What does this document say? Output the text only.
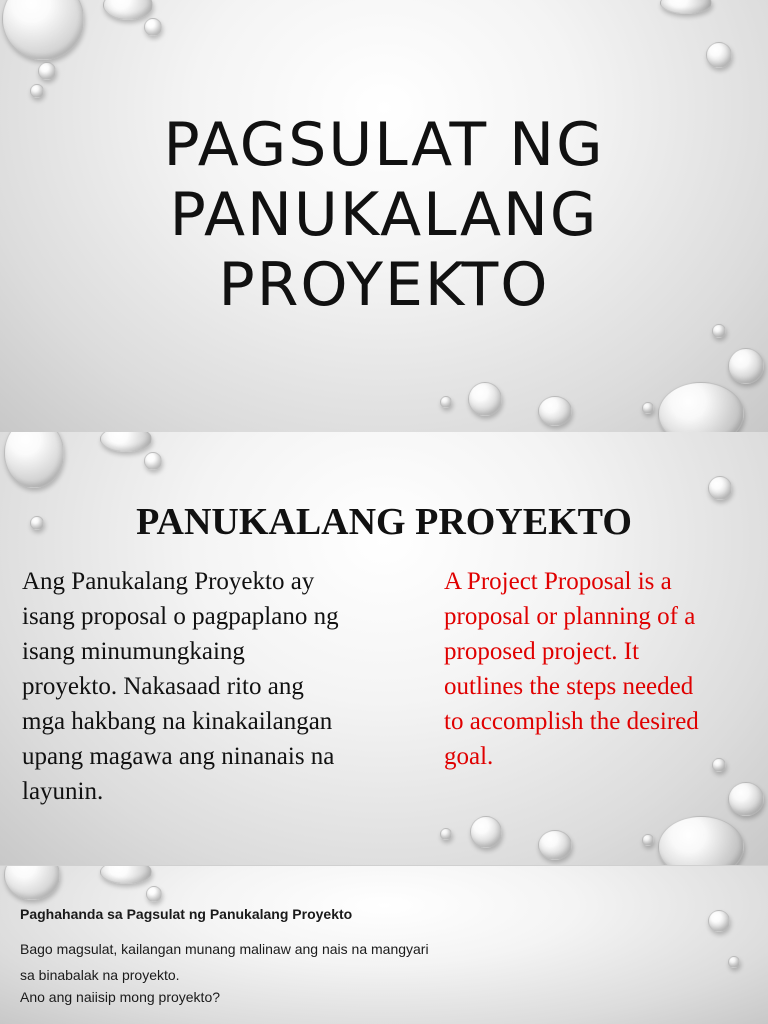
PAGSULAT NG
PANUKALANG
PROYEKTO
PANUKALANG PROYEKTO
Ang Panukalang Proyekto ay
isang proposal o pagpaplano ng
isang minumungkaing
proyekto. Nakasaad rito ang
mga hakbang na kinakailangan
upang magawa ang ninanais na
layunin.
A Project Proposal is a
proposal or planning of a
proposed project. It
outlines the steps needed
to accomplish the desired
goal.
Paghahanda sa Pagsulat ng Panukalang Proyekto
Bago magsulat, kailangan munang malinaw ang nais na mangyari
sa binabalak na proyekto.
Ano ang naiisip mong proyekto?
